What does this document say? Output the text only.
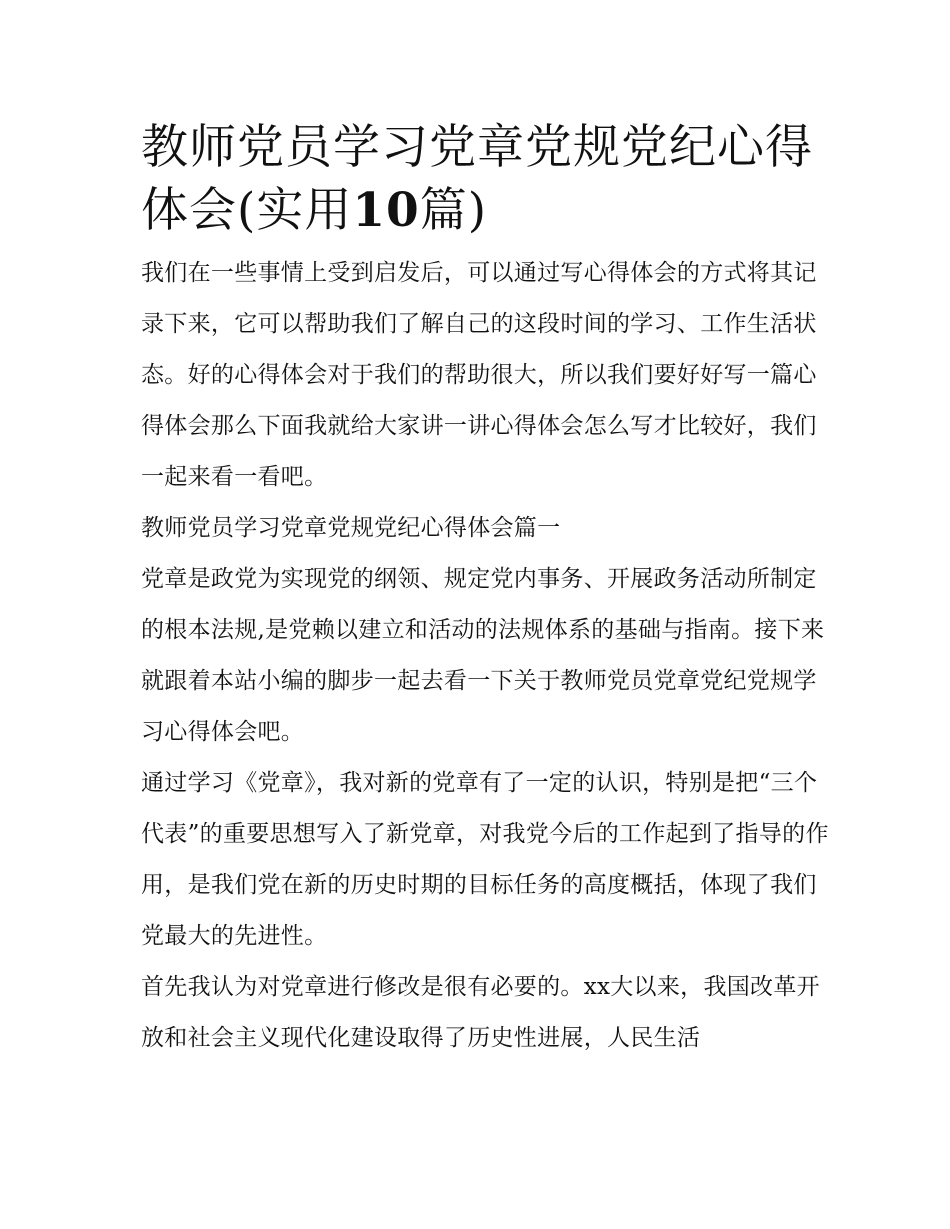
教师党员学习党章党规党纪心得体会(实用10篇)

我们在一些事情上受到启发后，可以通过写心得体会的方式将其记录下来，它可以帮助我们了解自己的这段时间的学习、工作生活状态。好的心得体会对于我们的帮助很大，所以我们要好好写一篇心得体会那么下面我就给大家讲一讲心得体会怎么写才比较好，我们一起来看一看吧。

教师党员学习党章党规党纪心得体会篇一

党章是政党为实现党的纲领、规定党内事务、开展政务活动所制定的根本法规,是党赖以建立和活动的法规体系的基础与指南。接下来就跟着本站小编的脚步一起去看一下关于教师党员党章党纪党规学习心得体会吧。

通过学习《党章》，我对新的党章有了一定的认识，特别是把“三个代表”的重要思想写入了新党章，对我党今后的工作起到了指导的作用，是我们党在新的历史时期的目标任务的高度概括，体现了我们党最大的先进性。

首先我认为对党章进行修改是很有必要的。xx大以来，我国改革开放和社会主义现代化建设取得了历史性进展，人民生活
